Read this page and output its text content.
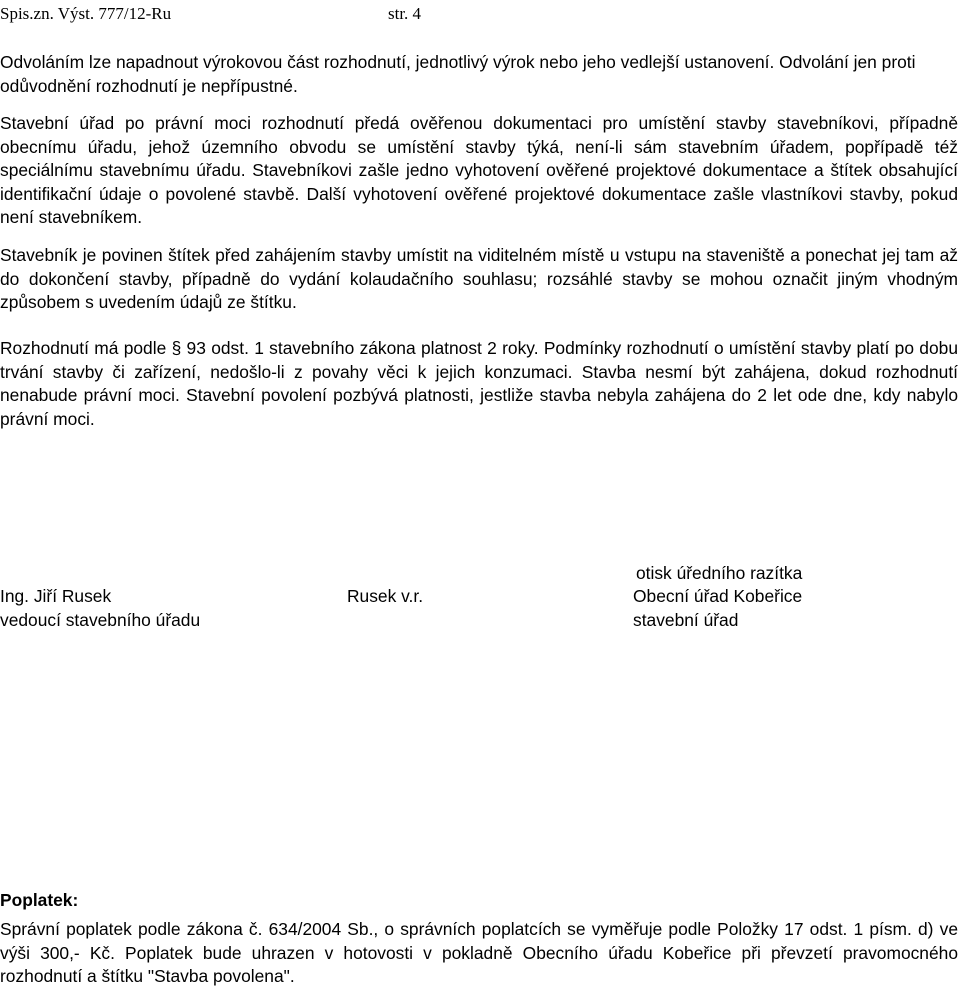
Spis.zn. Výst. 777/12-Ru	str. 4

Odvoláním lze napadnout výrokovou část rozhodnutí, jednotlivý výrok nebo jeho vedlejší ustanovení. Odvolání jen proti odůvodnění rozhodnutí je nepřípustné.

Stavební úřad po právní moci rozhodnutí předá ověřenou dokumentaci pro umístění stavby stavebníkovi, případně obecnímu úřadu, jehož územního obvodu se umístění stavby týká, není-li sám stavebním úřadem, popřípadě též speciálnímu stavebnímu úřadu. Stavebníkovi zašle jedno vyhotovení ověřené projektové dokumentace a štítek obsahující identifikační údaje o povolené stavbě. Další vyhotovení ověřené projektové dokumentace zašle vlastníkovi stavby, pokud není stavebníkem.

Stavebník je povinen štítek před zahájením stavby umístit na viditelném místě u vstupu na staveniště a ponechat jej tam až do dokončení stavby, případně do vydání kolaudačního souhlasu; rozsáhlé stavby se mohou označit jiným vhodným způsobem s uvedením údajů ze štítku.

Rozhodnutí má podle § 93 odst. 1 stavebního zákona platnost 2 roky. Podmínky rozhodnutí o umístění stavby platí po dobu trvání stavby či zařízení, nedošlo-li z povahy věci k jejich konzumaci. Stavba nesmí být zahájena, dokud rozhodnutí nenabude právní moci. Stavební povolení pozbývá platnosti, jestliže stavba nebyla zahájena do 2 let ode dne, kdy nabylo právní moci.

otisk úředního razítka
Ing. Jiří Rusek
vedoucí stavebního úřadu
Rusek v.r.	Obecní úřad Kobeřice
stavební úřad
Poplatek:

Správní poplatek podle zákona č. 634/2004 Sb., o správních poplatcích se vyměřuje podle Položky 17 odst. 1 písm. d) ve výši 300,- Kč. Poplatek bude uhrazen v hotovosti v pokladně Obecního úřadu Kobeřice při převzetí pravomocného rozhodnutí a štítku "Stavba povolena".
